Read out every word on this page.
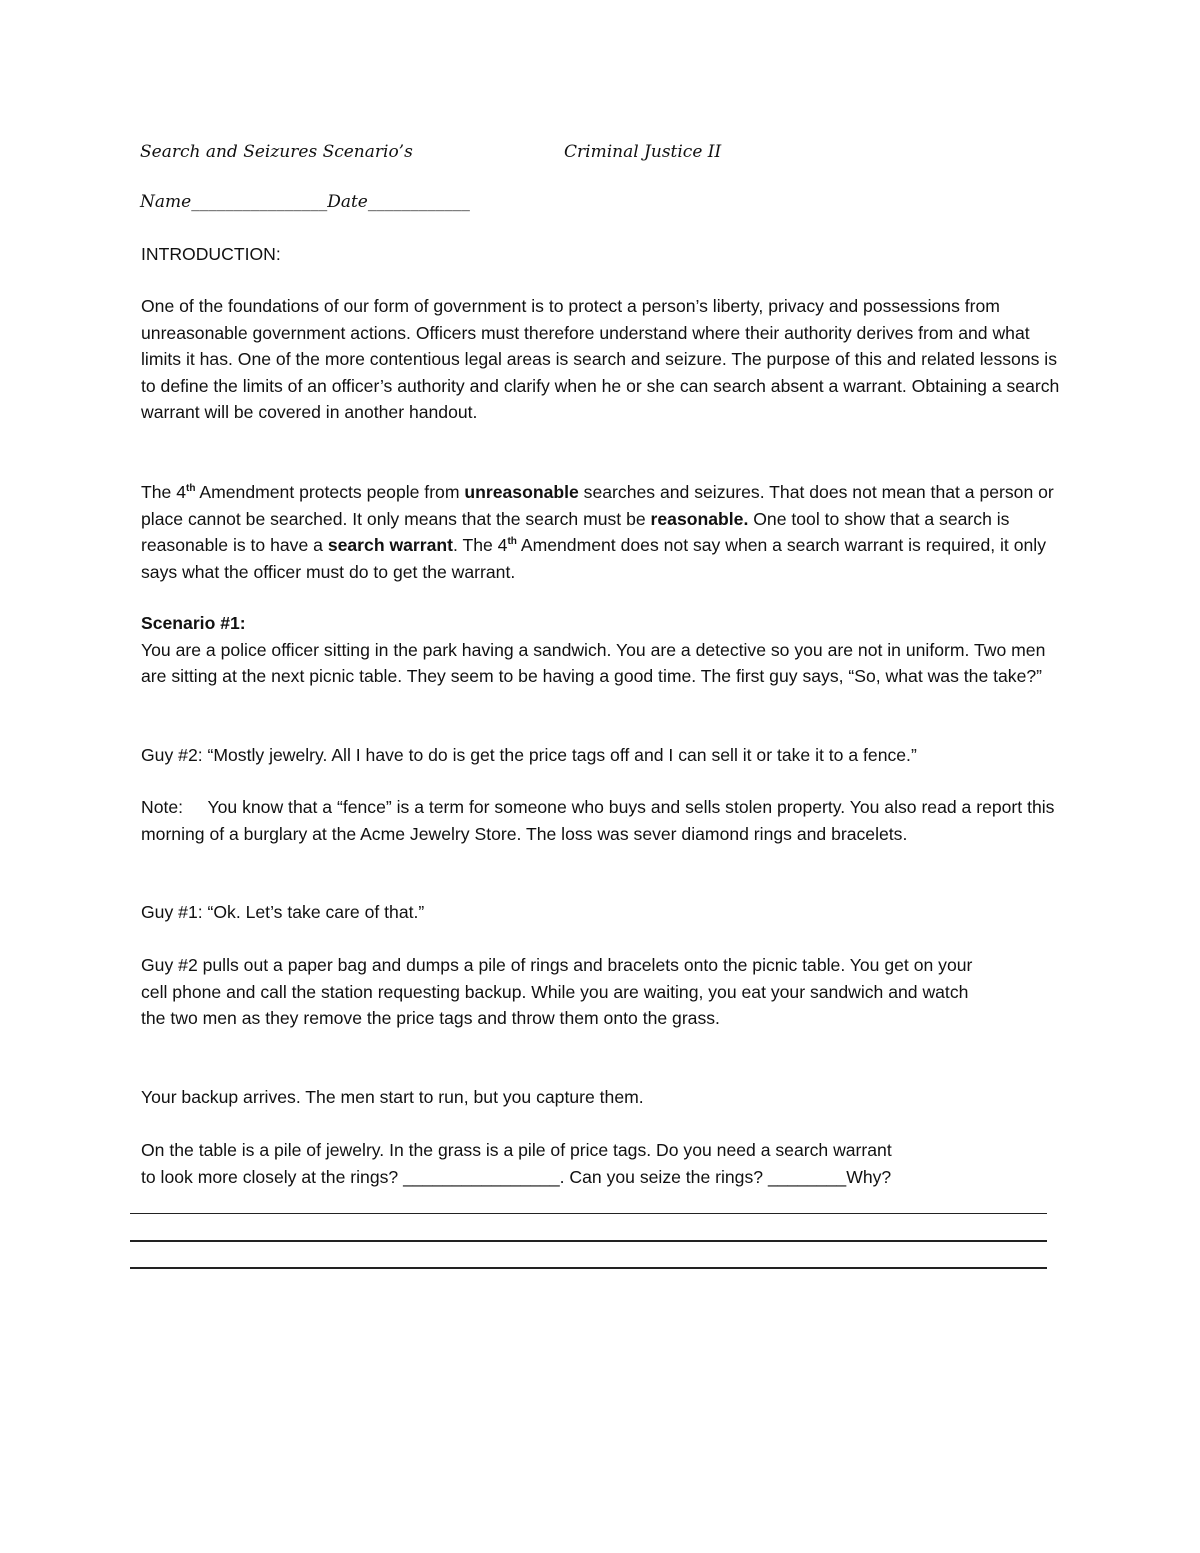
Search and Seizures Scenario’s	Criminal Justice II
Name________________Date____________
INTRODUCTION:

One of the foundations of our form of government is to protect a person’s liberty, privacy and possessions from unreasonable government actions. Officers must therefore understand where their authority derives from and what limits it has. One of the more contentious legal areas is search and seizure. The purpose of this and related lessons is to define the limits of an officer’s authority and clarify when he or she can search absent a warrant. Obtaining a search warrant will be covered in another handout.

The 4th Amendment protects people from unreasonable searches and seizures. That does not mean that a person or place cannot be searched. It only means that the search must be reasonable. One tool to show that a search is reasonable is to have a search warrant. The 4th Amendment does not say when a search warrant is required, it only says what the officer must do to get the warrant.

Scenario #1:

You are a police officer sitting in the park having a sandwich. You are a detective so you are not in uniform. Two men are sitting at the next picnic table. They seem to be having a good time. The first guy says, “So, what was the take?”

Guy #2: “Mostly jewelry. All I have to do is get the price tags off and I can sell it or take it to a fence.”

Note: You know that a “fence” is a term for someone who buys and sells stolen property. You also read a report this morning of a burglary at the Acme Jewelry Store. The loss was sever diamond rings and bracelets.

Guy #1: “Ok. Let’s take care of that.”
Guy #2 pulls out a paper bag and dumps a pile of rings and bracelets onto the picnic table. You get on your cell phone and call the station requesting backup. While you are waiting, you eat your sandwich and watch the two men as they remove the price tags and throw them onto the grass.
Your backup arrives. The men start to run, but you capture them.

On the table is a pile of jewelry. In the grass is a pile of price tags. Do you need a search warrant

to look more closely at the rings? ________________. Can you seize the rings? ________Why?
